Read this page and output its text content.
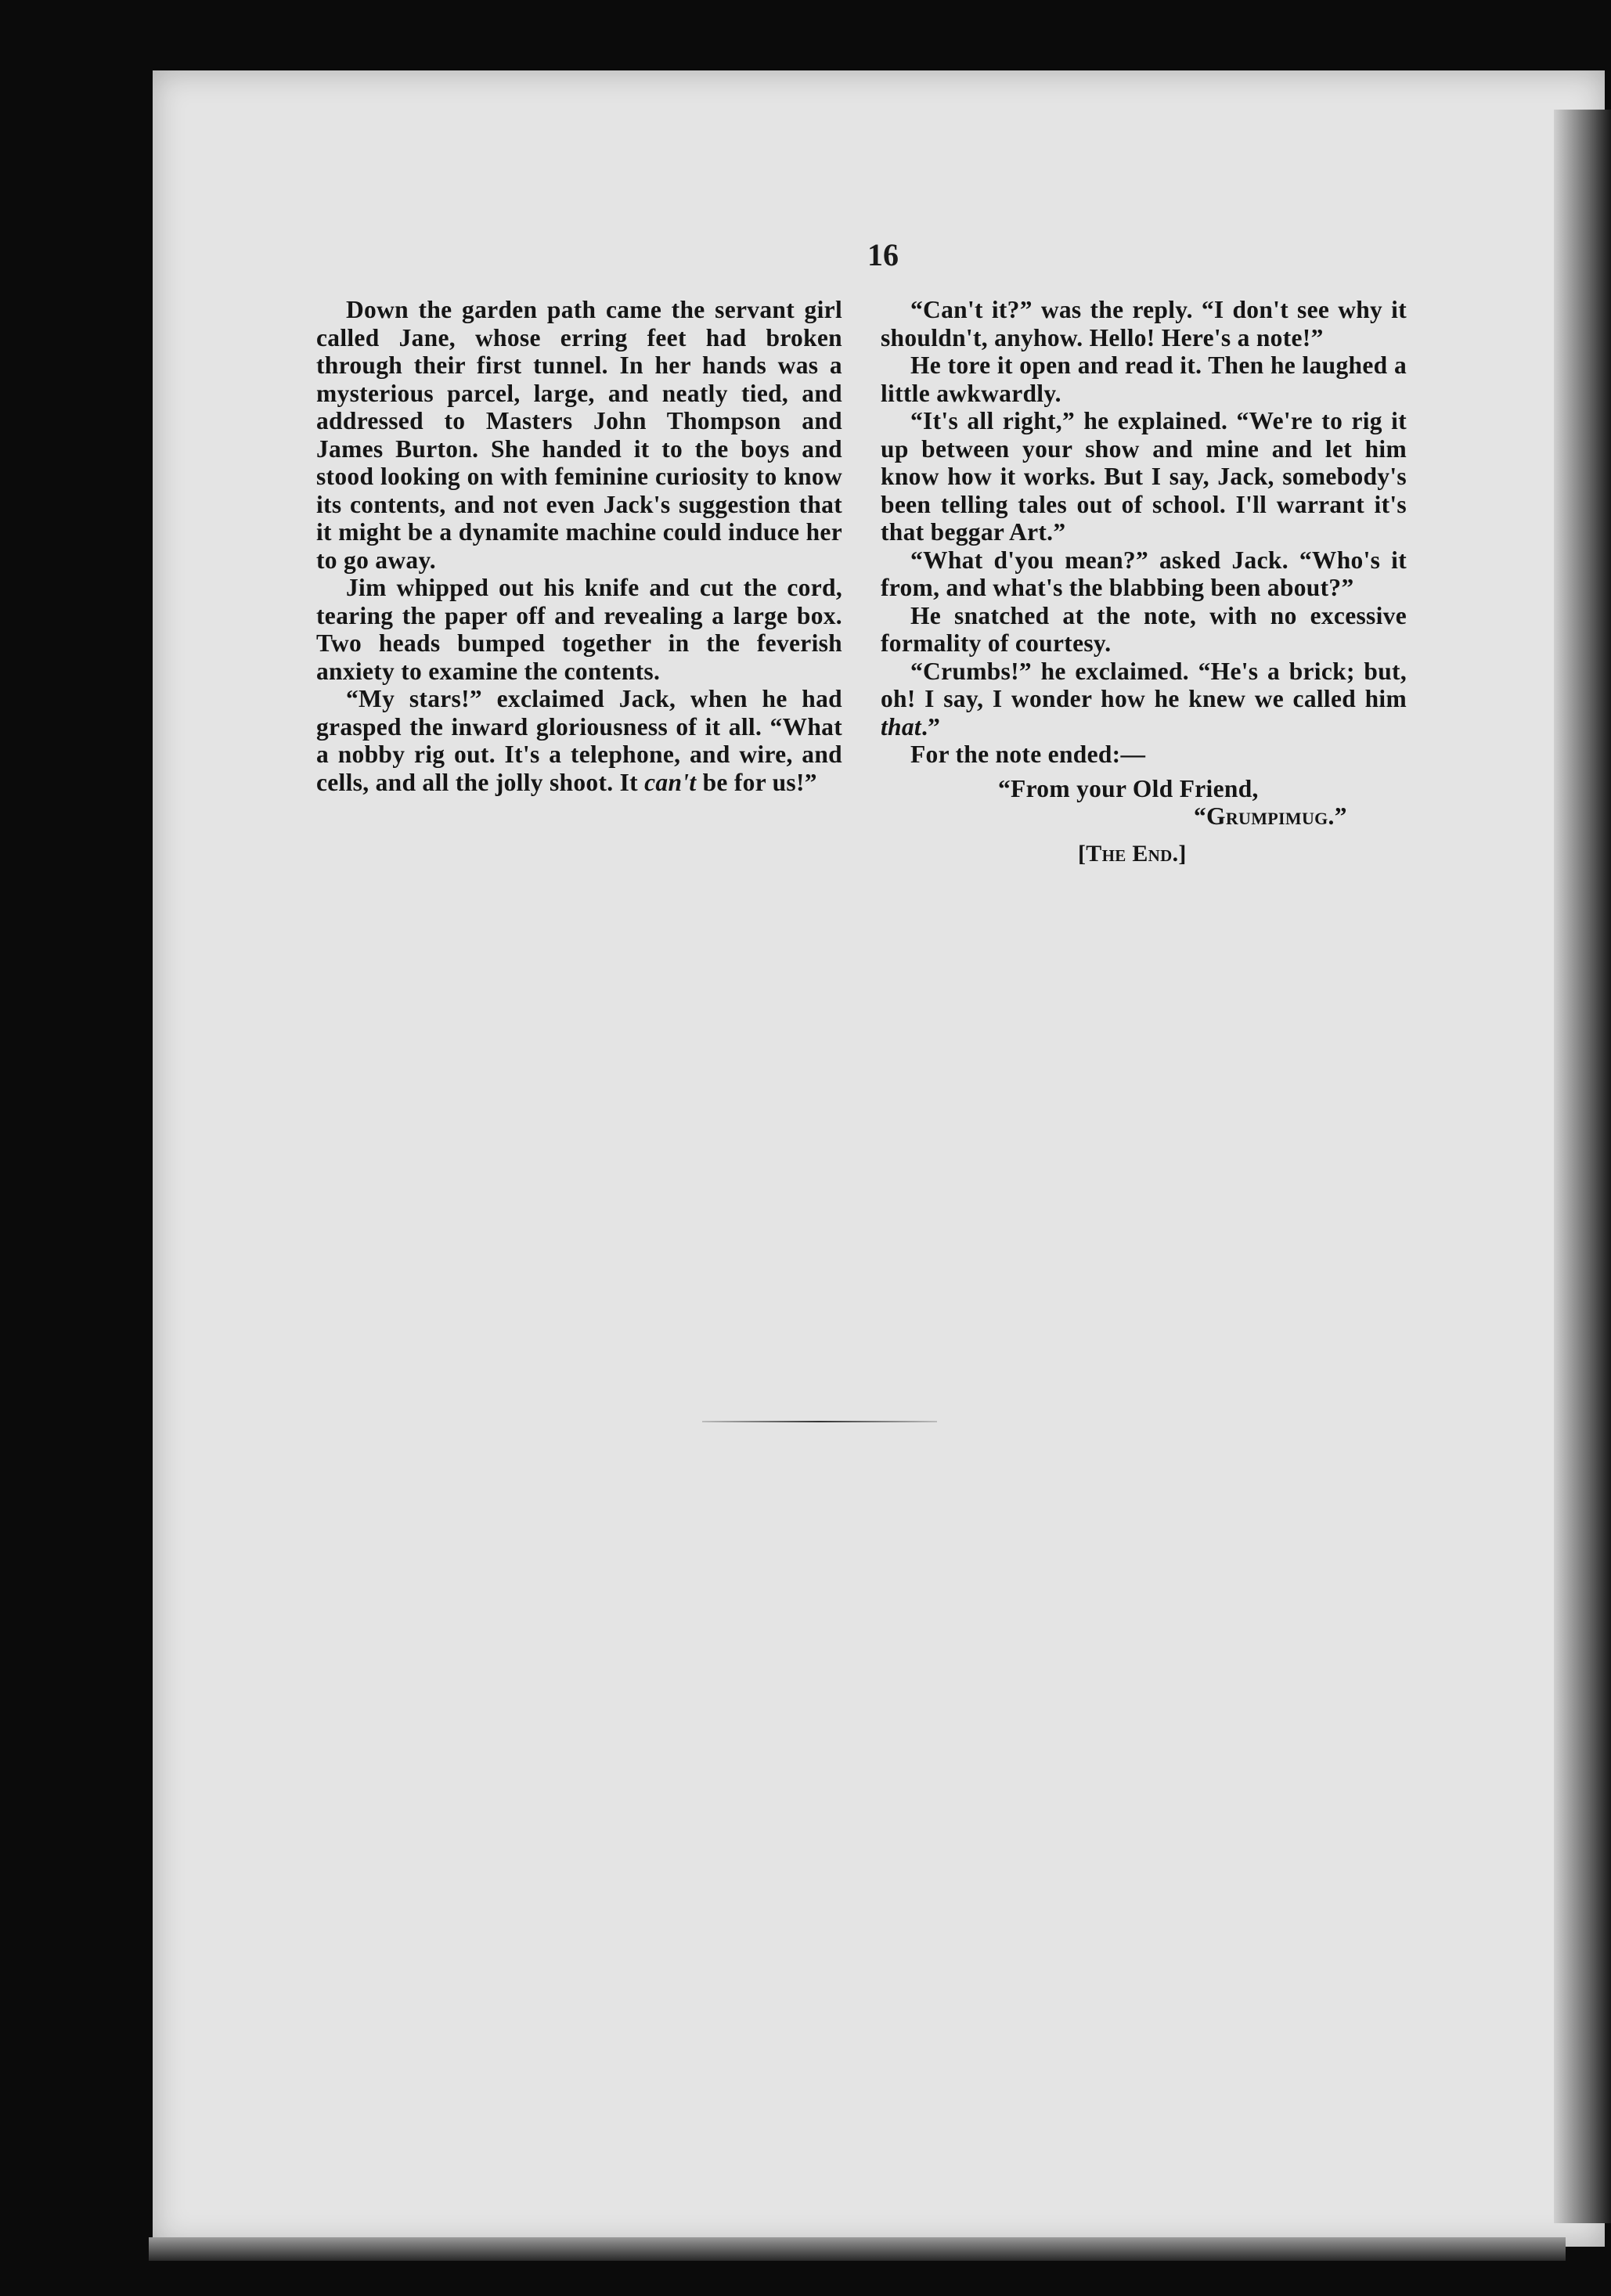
16

Down the garden path came the servant girl called Jane, whose erring feet had broken through their first tunnel. In her hands was a mysterious parcel, large, and neatly tied, and addressed to Masters John Thompson and James Burton. She handed it to the boys and stood looking on with feminine curiosity to know its contents, and not even Jack's suggestion that it might be a dynamite machine could induce her to go away.

Jim whipped out his knife and cut the cord, tearing the paper off and revealing a large box. Two heads bumped together in the feverish anxiety to examine the contents.

“My stars!” exclaimed Jack, when he had grasped the inward gloriousness of it all. “What a nobby rig out. It's a telephone, and wire, and cells, and all the jolly shoot. It can't be for us!”

“Can't it?” was the reply. “I don't see why it shouldn't, anyhow. Hello! Here's a note!”

He tore it open and read it. Then he laughed a little awkwardly.

“It's all right,” he explained. “We're to rig it up between your show and mine and let him know how it works. But I say, Jack, somebody's been telling tales out of school. I'll warrant it's that beggar Art.”

“What d'you mean?” asked Jack. “Who's it from, and what's the blabbing been about?”

He snatched at the note, with no excessive formality of courtesy.

“Crumbs!” he exclaimed. “He's a brick; but, oh! I say, I wonder how he knew we called him that.”

For the note ended:—

“From your Old Friend,
“Grumpimug.”
[The End.]
